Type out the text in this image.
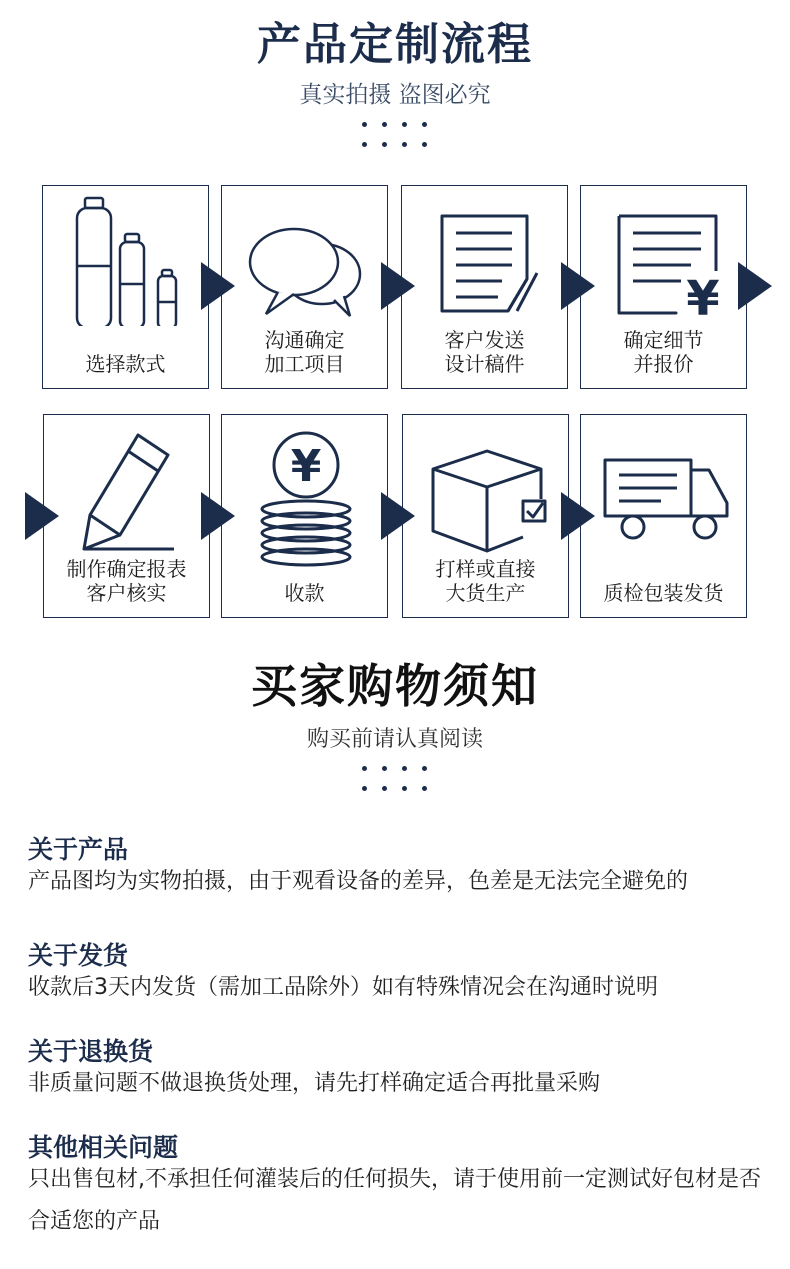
产品定制流程
真实拍摄 盗图必究
选择款式
沟通确定
加工项目
客户发送
设计稿件
¥
确定细节
并报价
制作确定报表
客户核实
¥
收款
打样或直接
大货生产	质检包装发货
买家购物须知
购买前请认真阅读
关于产品
产品图均为实物拍摄，由于观看设备的差异，色差是无法完全避免的
关于发货
收款后3天内发货（需加工品除外）如有特殊情况会在沟通时说明
关于退换货
非质量问题不做退换货处理，请先打样确定适合再批量采购
其他相关问题
只出售包材,不承担任何灌装后的任何损失，请于使用前一定测试好包材是否合适您的产品
